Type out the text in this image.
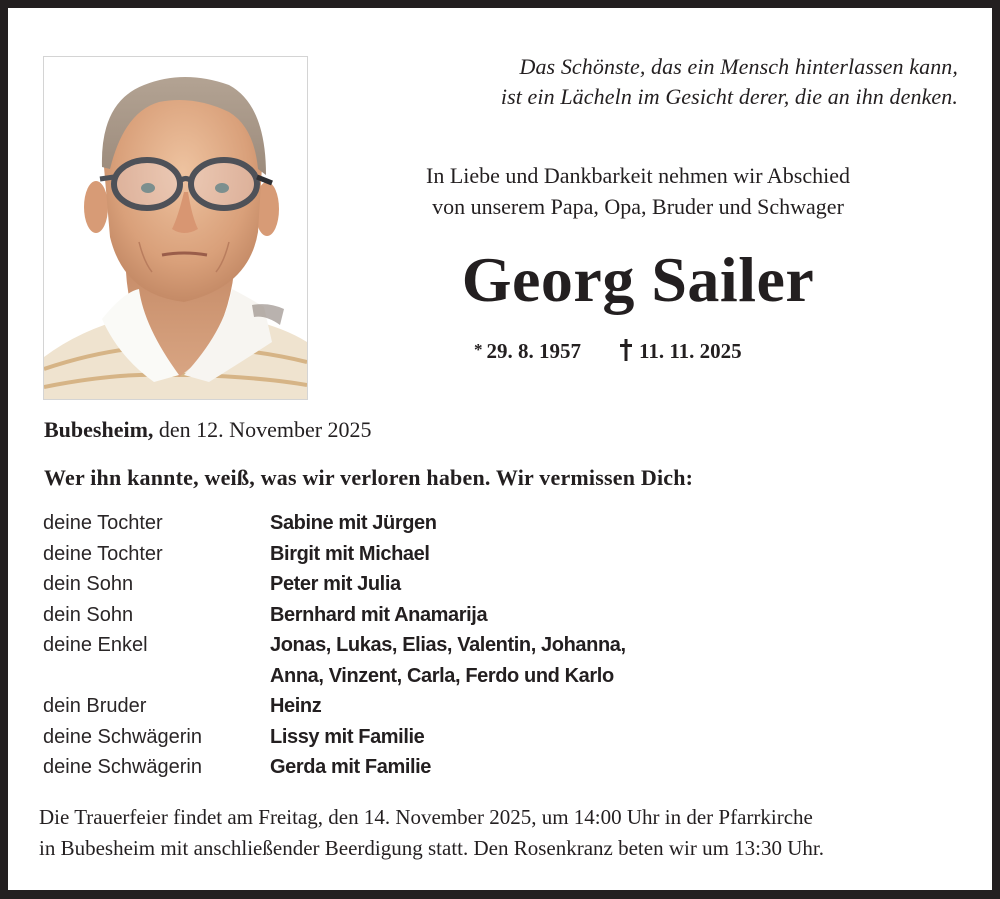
Das Schönste, das ein Mensch hinterlassen kann,
ist ein Lächeln im Gesicht derer, die an ihn denken.
In Liebe und Dankbarkeit nehmen wir Abschied
von unserem Papa, Opa, Bruder und Schwager
Georg Sailer
* 29. 8. 1957	11. 11. 2025
Bubesheim, den 12. November 2025
Wer ihn kannte, weiß, was wir verloren haben. Wir vermissen Dich:
deine Tochter	Sabine mit Jürgen
deine Tochter	Birgit mit Michael
dein Sohn	Peter mit Julia
dein Sohn	Bernhard mit Anamarija
deine Enkel	Jonas, Lukas, Elias, Valentin, Johanna,
Anna, Vinzent, Carla, Ferdo und Karlo
dein Bruder	Heinz
deine Schwägerin	Lissy mit Familie
deine Schwägerin	Gerda mit Familie
Die Trauerfeier findet am Freitag, den 14. November 2025, um 14:00 Uhr in der Pfarrkirche
in Bubesheim mit anschließender Beerdigung statt. Den Rosenkranz beten wir um 13:30 Uhr.
